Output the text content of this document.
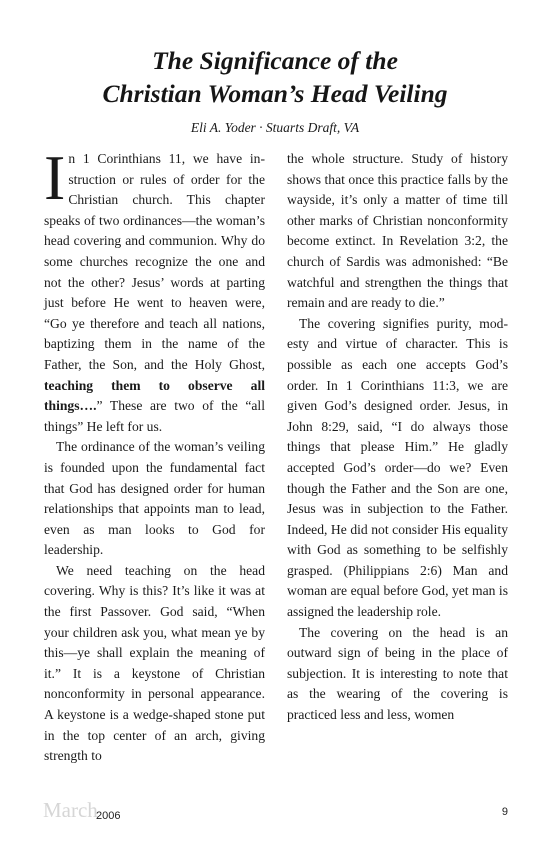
The Significance of the
Christian Woman’s Head Veiling
Eli A. Yoder · Stuarts Draft, VA

In 1 Corinthians 11, we have instruction or rules of order for the Christian church. This chapter speaks of two ordinances—the woman’s head covering and communion. Why do some churches recognize the one and not the other? Jesus’ words at parting just before He went to heaven were, “Go ye therefore and teach all nations, baptizing them in the name of the Father, the Son, and the Holy Ghost, teaching them to observe all things….” These are two of the “all things” He left for us.

The ordinance of the woman’s veiling is founded upon the fundamental fact that God has designed order for human relationships that appoints man to lead, even as man looks to God for leadership.

We need teaching on the head covering. Why is this? It’s like it was at the first Passover. God said, “When your children ask you, what mean ye by this—ye shall explain the meaning of it.” It is a keystone of Christian nonconformity in personal appearance. A keystone is a wedge-shaped stone put in the top center of an arch, giving strength to

the whole structure. Study of history shows that once this practice falls by the wayside, it’s only a matter of time till other marks of Christian nonconformity become extinct. In Revelation 3:2, the church of Sardis was admonished: “Be watchful and strengthen the things that remain and are ready to die.”

The covering signifies purity, modesty and virtue of character. This is possible as each one accepts God’s order. In 1 Corinthians 11:3, we are given God’s designed order. Jesus, in John 8:29, said, “I do always those things that please Him.” He gladly accepted God’s order—do we? Even though the Father and the Son are one, Jesus was in subjection to the Father. Indeed, He did not consider His equality with God as something to be selfishly grasped. (Philippians 2:6) Man and woman are equal before God, yet man is assigned the leadership role.

The covering on the head is an outward sign of being in the place of subjection. It is interesting to note that as the wearing of the covering is practiced less and less, women

March
2006	9
